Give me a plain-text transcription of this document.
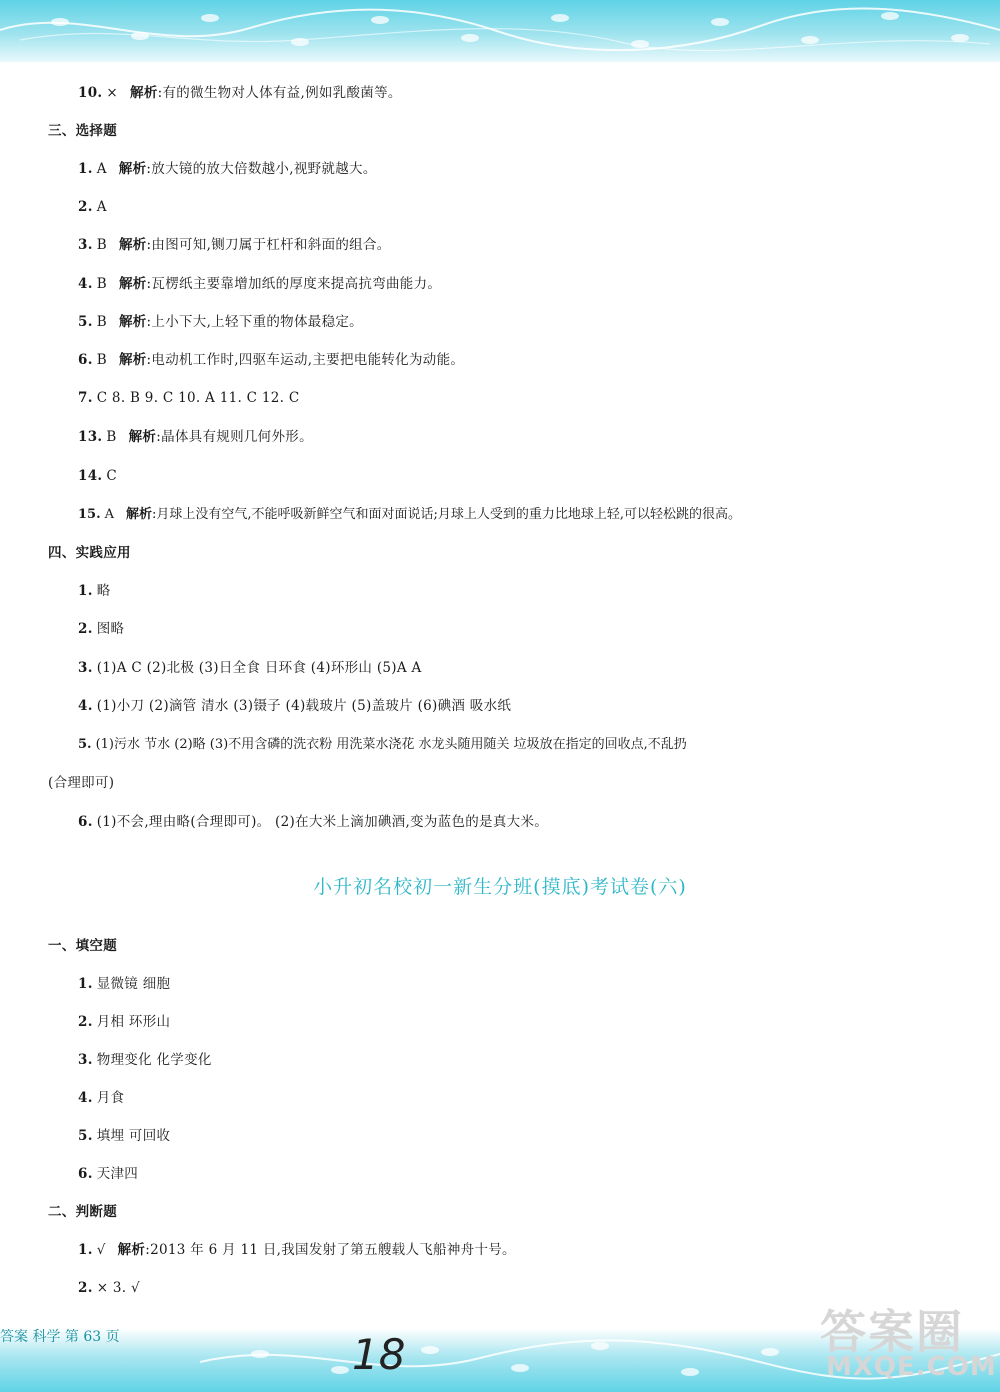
10. × 解析:有的微生物对人体有益,例如乳酸菌等。
三、选择题
1. A 解析:放大镜的放大倍数越小,视野就越大。
2. A
3. B 解析:由图可知,铡刀属于杠杆和斜面的组合。
4. B 解析:瓦楞纸主要靠增加纸的厚度来提高抗弯曲能力。
5. B 解析:上小下大,上轻下重的物体最稳定。
6. B 解析:电动机工作时,四驱车运动,主要把电能转化为动能。
7. C 8. B 9. C 10. A 11. C 12. C
13. B 解析:晶体具有规则几何外形。
14. C
15. A 解析:月球上没有空气,不能呼吸新鲜空气和面对面说话;月球上人受到的重力比地球上轻,可以轻松跳的很高。
四、实践应用
1. 略
2. 图略
3. (1)A C (2)北极 (3)日全食 日环食 (4)环形山 (5)A A
4. (1)小刀 (2)滴管 清水 (3)镊子 (4)载玻片 (5)盖玻片 (6)碘酒 吸水纸
5. (1)污水 节水 (2)略 (3)不用含磷的洗衣粉 用洗菜水浇花 水龙头随用随关 垃圾放在指定的回收点,不乱扔
(合理即可)
6. (1)不会,理由略(合理即可)。 (2)在大米上滴加碘酒,变为蓝色的是真大米。
小升初名校初一新生分班(摸底)考试卷(六)
一、填空题
1. 显微镜 细胞
2. 月相 环形山
3. 物理变化 化学变化
4. 月食
5. 填埋 可回收
6. 天津四
二、判断题
1. √ 解析:2013 年 6 月 11 日,我国发射了第五艘载人飞船神舟十号。
2. × 3. √
答案 科学 第 63 页	18	答案圈
MXQE.COM
